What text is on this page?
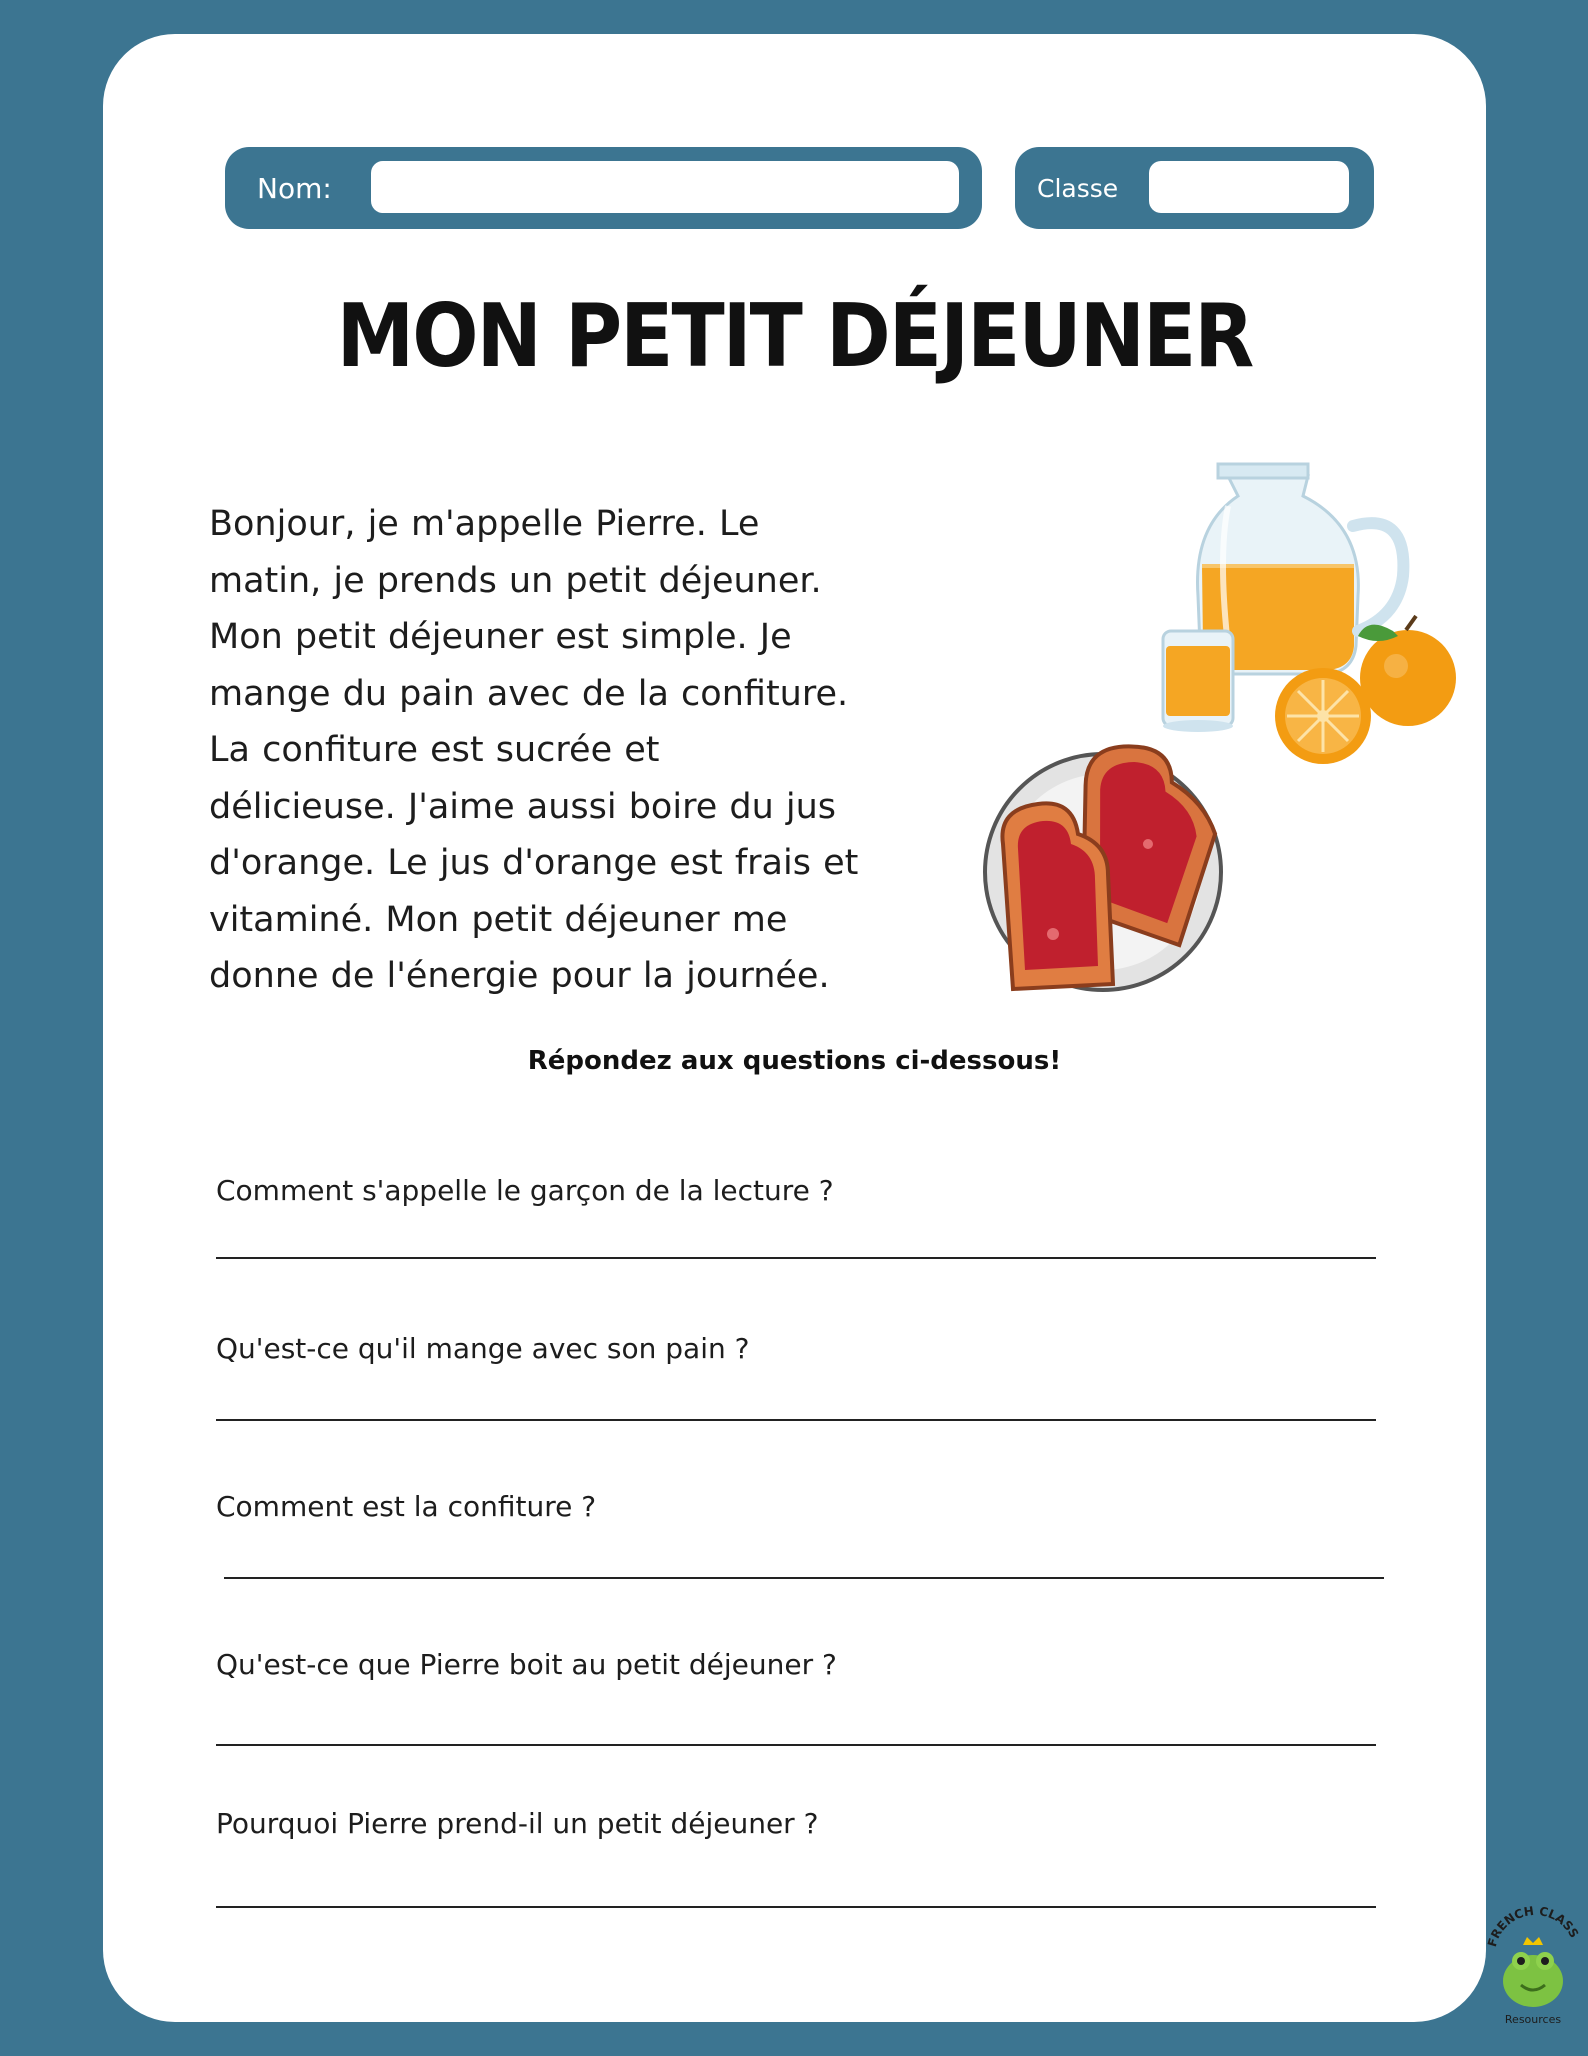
Nom:	Classe
MON PETIT DÉJEUNER
Bonjour, je m'appelle Pierre. Le
matin, je prends un petit déjeuner.
Mon petit déjeuner est simple. Je
mange du pain avec de la confiture.
La confiture est sucrée et
délicieuse. J'aime aussi boire du jus
d'orange. Le jus d'orange est frais et
vitaminé. Mon petit déjeuner me
donne de l'énergie pour la journée.

Répondez aux questions ci-dessous!

Comment s'appelle le garçon de la lecture ?

Qu'est-ce qu'il mange avec son pain ?

Comment est la confiture ?

Qu'est-ce que Pierre boit au petit déjeuner ?

Pourquoi Pierre prend-il un petit déjeuner ?

FRENCH CLASS
Resources
